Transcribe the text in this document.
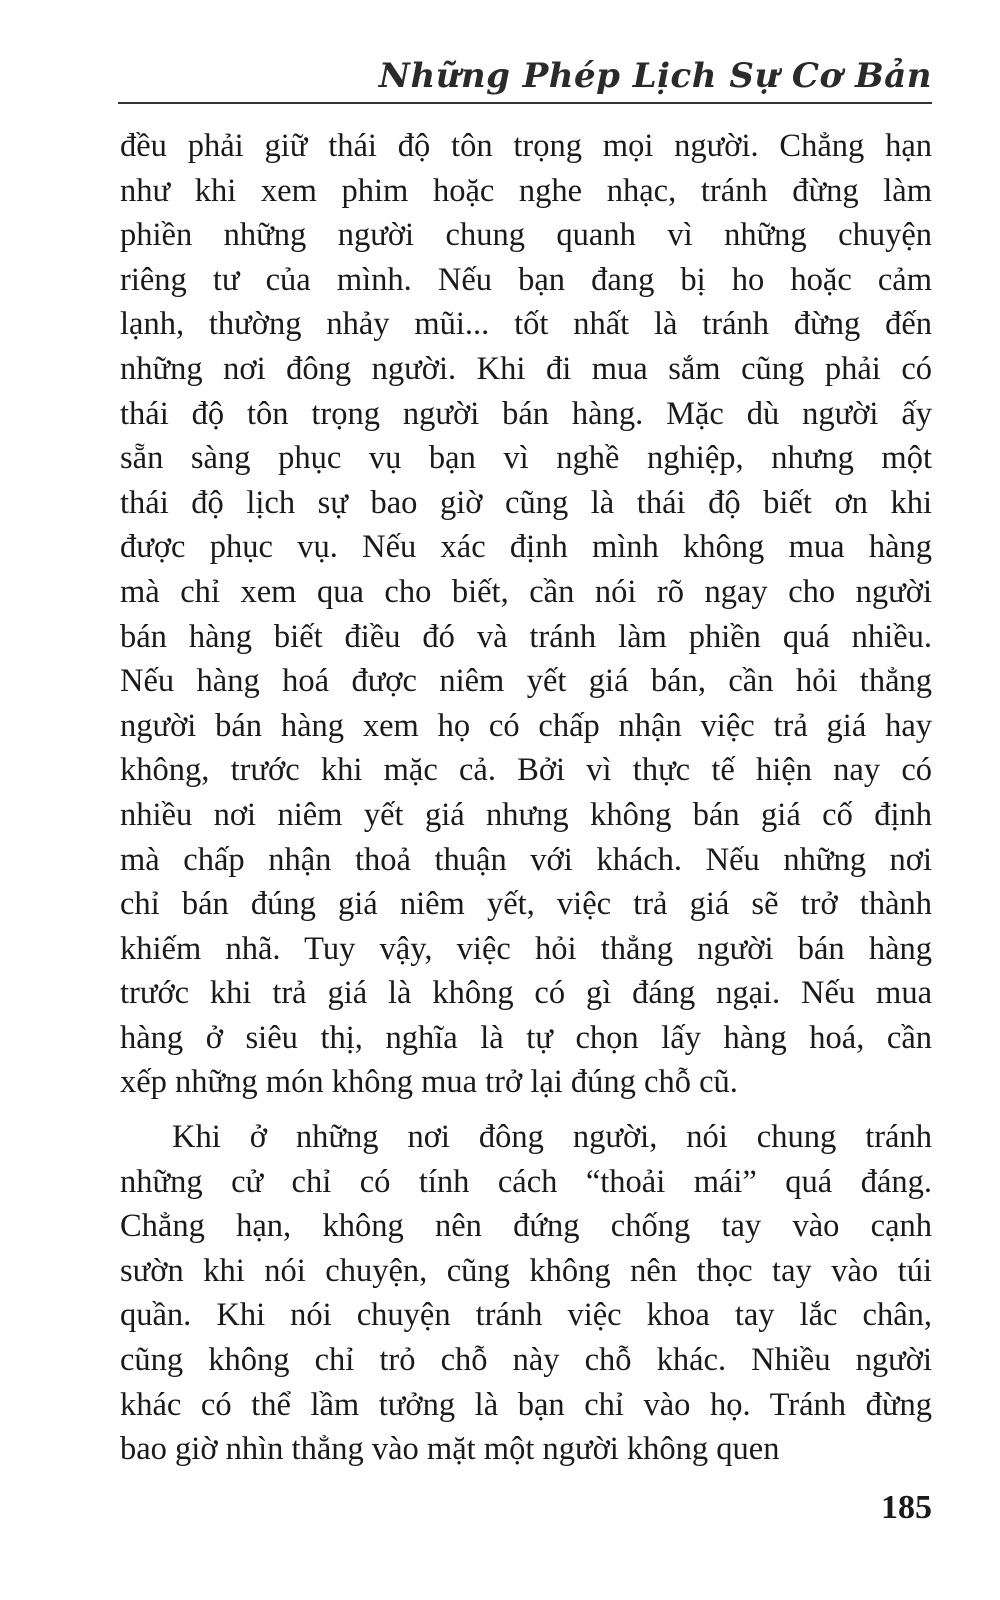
Những Phép Lịch Sự Cơ Bản
đều phải giữ thái độ tôn trọng mọi người. Chẳng hạn
như khi xem phim hoặc nghe nhạc, tránh đừng làm
phiền những người chung quanh vì những chuyện
riêng tư của mình. Nếu bạn đang bị ho hoặc cảm
lạnh, thường nhảy mũi... tốt nhất là tránh đừng đến
những nơi đông người. Khi đi mua sắm cũng phải có
thái độ tôn trọng người bán hàng. Mặc dù người ấy
sẵn sàng phục vụ bạn vì nghề nghiệp, nhưng một
thái độ lịch sự bao giờ cũng là thái độ biết ơn khi
được phục vụ. Nếu xác định mình không mua hàng
mà chỉ xem qua cho biết, cần nói rõ ngay cho người
bán hàng biết điều đó và tránh làm phiền quá nhiều.
Nếu hàng hoá được niêm yết giá bán, cần hỏi thẳng
người bán hàng xem họ có chấp nhận việc trả giá hay
không, trước khi mặc cả. Bởi vì thực tế hiện nay có
nhiều nơi niêm yết giá nhưng không bán giá cố định
mà chấp nhận thoả thuận với khách. Nếu những nơi
chỉ bán đúng giá niêm yết, việc trả giá sẽ trở thành
khiếm nhã. Tuy vậy, việc hỏi thẳng người bán hàng
trước khi trả giá là không có gì đáng ngại. Nếu mua
hàng ở siêu thị, nghĩa là tự chọn lấy hàng hoá, cần
xếp những món không mua trở lại đúng chỗ cũ.
Khi ở những nơi đông người, nói chung tránh
những cử chỉ có tính cách “thoải mái” quá đáng.
Chẳng hạn, không nên đứng chống tay vào cạnh
sườn khi nói chuyện, cũng không nên thọc tay vào túi
quần. Khi nói chuyện tránh việc khoa tay lắc chân,
cũng không chỉ trỏ chỗ này chỗ khác. Nhiều người
khác có thể lầm tưởng là bạn chỉ vào họ. Tránh đừng
bao giờ nhìn thẳng vào mặt một người không quen
185
